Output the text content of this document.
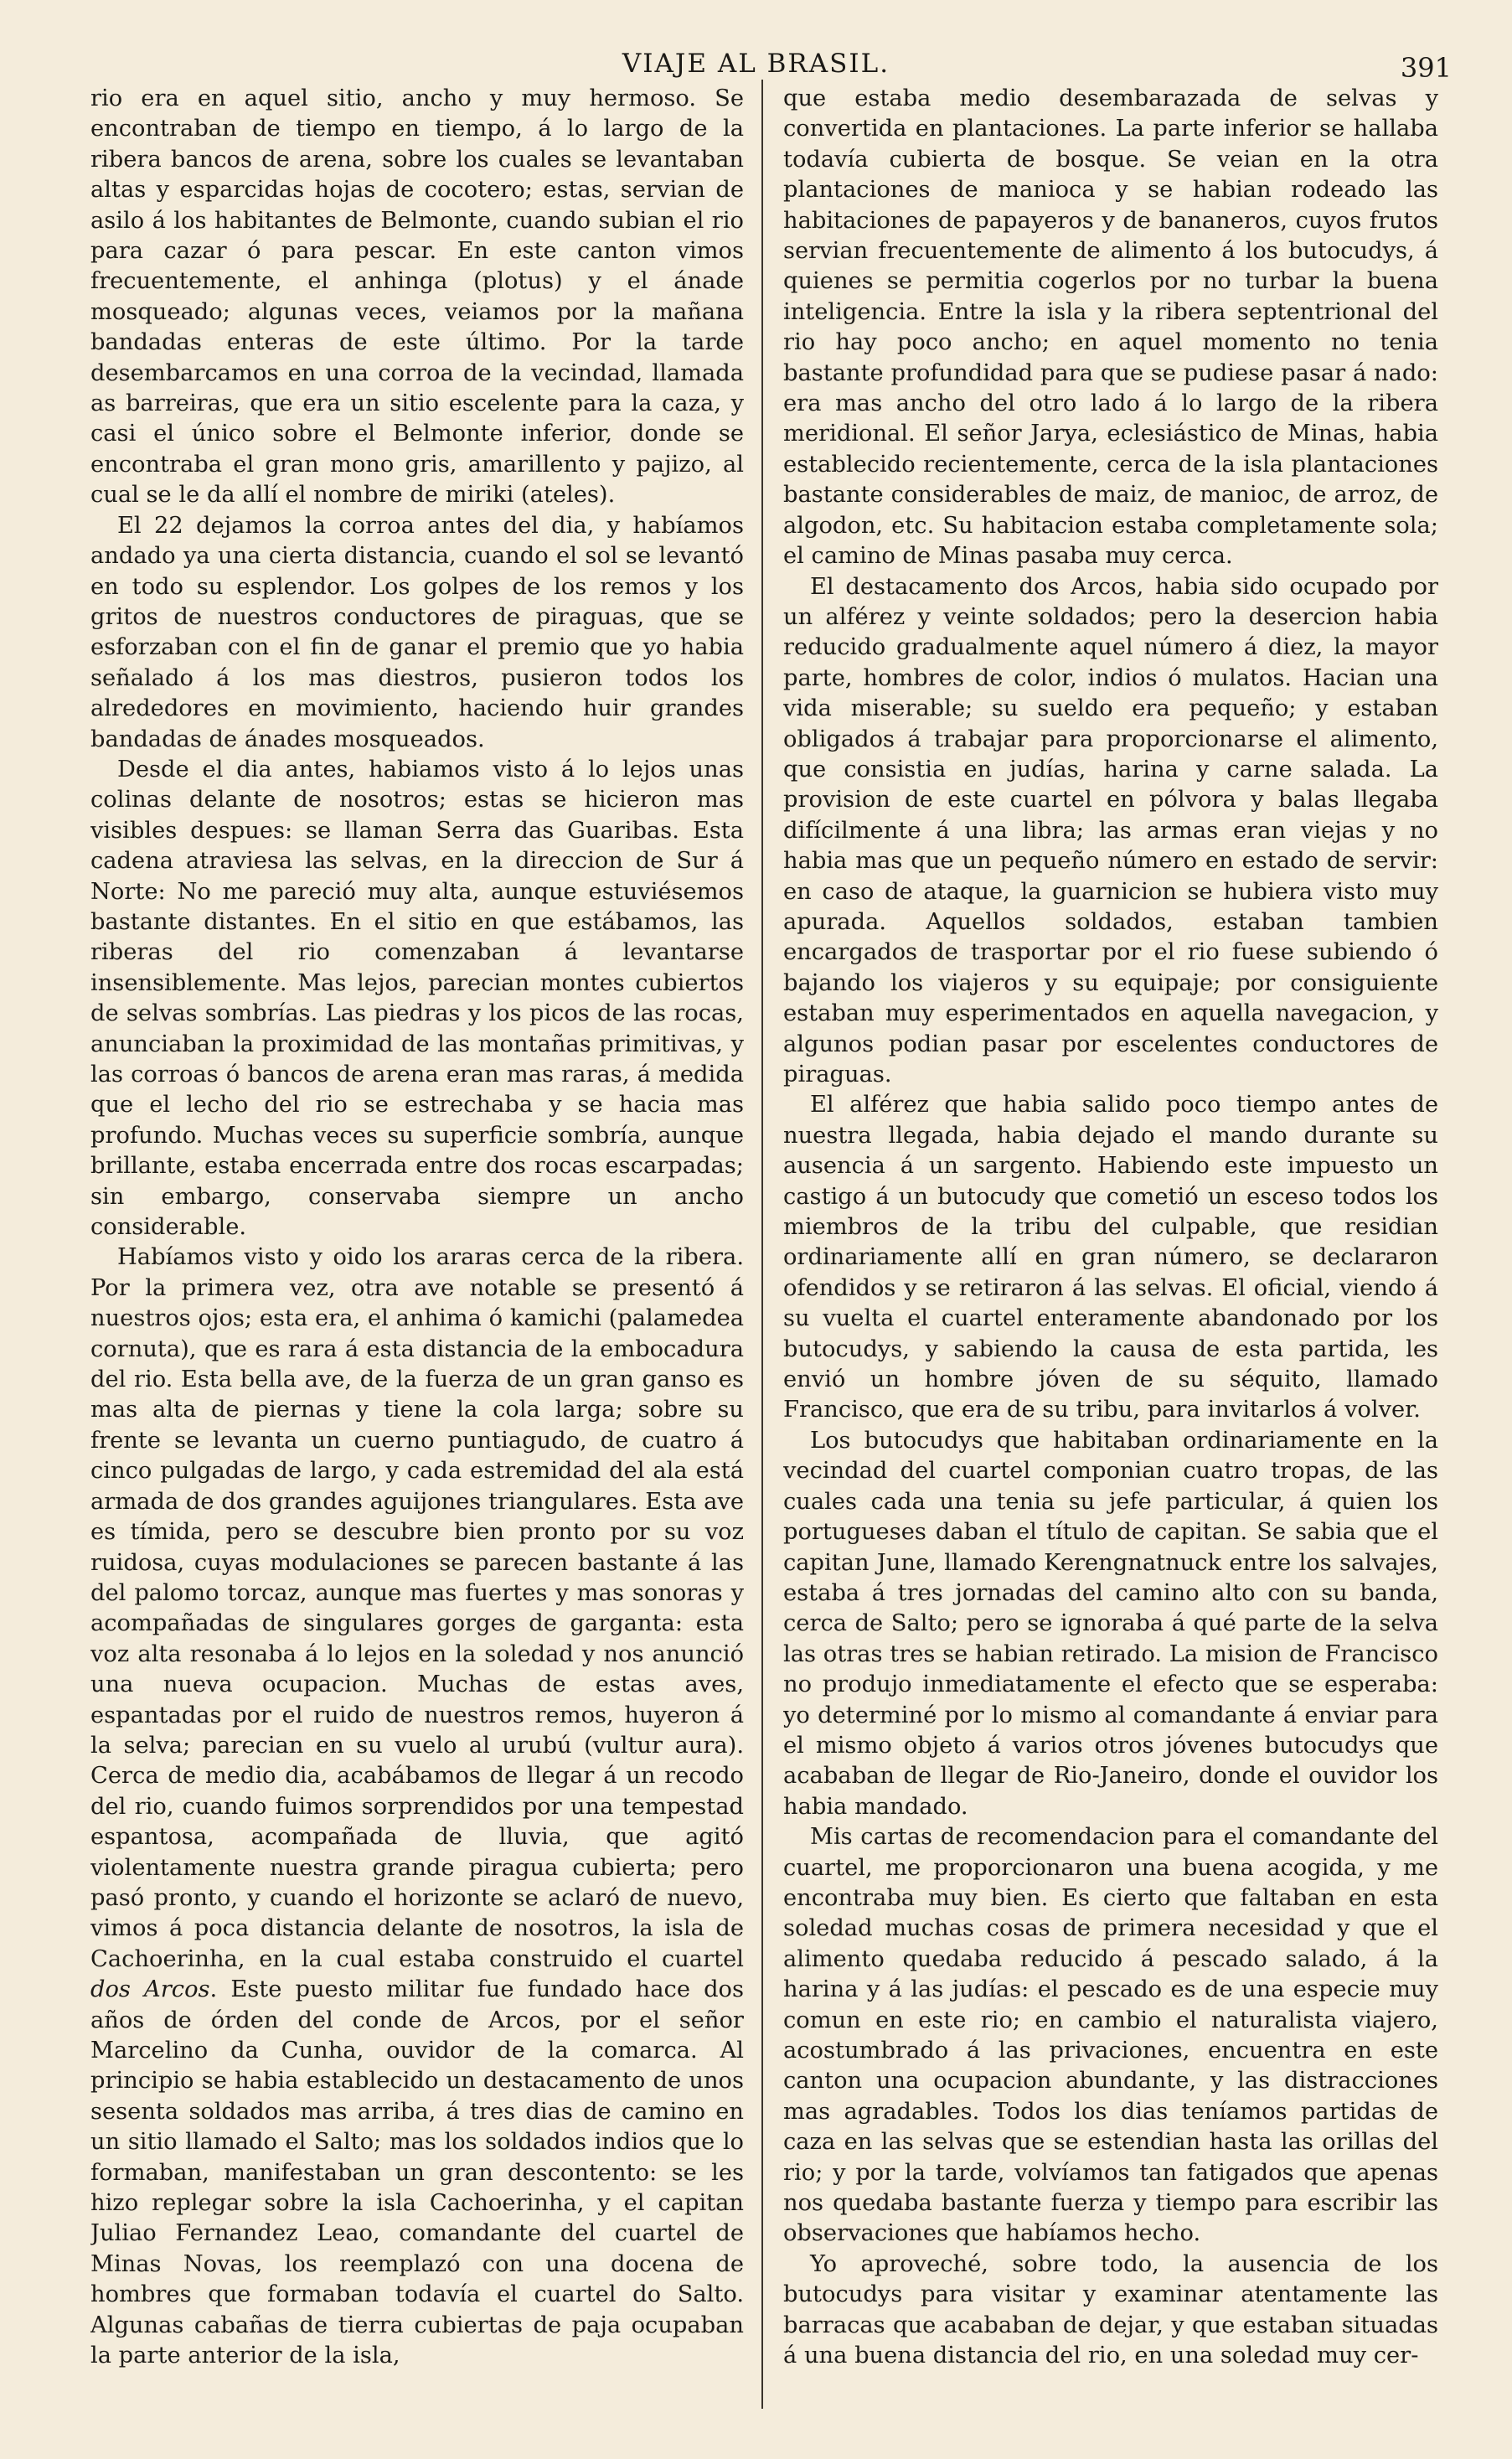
VIAJE AL BRASIL.	391

rio era en aquel sitio, ancho y muy hermoso. Se encontraban de tiempo en tiempo, á lo largo de la ribera bancos de arena, sobre los cuales se levantaban altas y esparcidas hojas de cocotero; estas, servian de asilo á los habitantes de Belmonte, cuando subian el rio para cazar ó para pescar. En este canton vimos frecuentemente, el anhinga (plotus) y el ánade mosqueado; algunas veces, veiamos por la mañana bandadas enteras de este último. Por la tarde desembarcamos en una corroa de la vecindad, llamada as barreiras, que era un sitio escelente para la caza, y casi el único sobre el Belmonte inferior, donde se encontraba el gran mono gris, amarillento y pajizo, al cual se le da allí el nombre de miriki (ateles).

El 22 dejamos la corroa antes del dia, y habíamos andado ya una cierta distancia, cuando el sol se levantó en todo su esplendor. Los golpes de los remos y los gritos de nuestros conductores de piraguas, que se esforzaban con el fin de ganar el premio que yo habia señalado á los mas diestros, pusieron todos los alrededores en movimiento, haciendo huir grandes bandadas de ánades mosqueados.

Desde el dia antes, habiamos visto á lo lejos unas colinas delante de nosotros; estas se hicieron mas visibles despues: se llaman Serra das Guaribas. Esta cadena atraviesa las selvas, en la direccion de Sur á Norte: No me pareció muy alta, aunque estuviésemos bastante distantes. En el sitio en que estábamos, las riberas del rio comenzaban á levantarse insensiblemente. Mas lejos, parecian montes cubiertos de selvas sombrías. Las piedras y los picos de las rocas, anunciaban la proximidad de las montañas primitivas, y las corroas ó bancos de arena eran mas raras, á medida que el lecho del rio se estrechaba y se hacia mas profundo. Muchas veces su superficie sombría, aunque brillante, estaba encerrada entre dos rocas escarpadas; sin embargo, conservaba siempre un ancho considerable.

Habíamos visto y oido los araras cerca de la ribera. Por la primera vez, otra ave notable se presentó á nuestros ojos; esta era, el anhima ó kamichi (palamedea cornuta), que es rara á esta distancia de la embocadura del rio. Esta bella ave, de la fuerza de un gran ganso es mas alta de piernas y tiene la cola larga; sobre su frente se levanta un cuerno puntiagudo, de cuatro á cinco pulgadas de largo, y cada estremidad del ala está armada de dos grandes aguijones triangulares. Esta ave es tímida, pero se descubre bien pronto por su voz ruidosa, cuyas modulaciones se parecen bastante á las del palomo torcaz, aunque mas fuertes y mas sonoras y acompañadas de singulares gorges de garganta: esta voz alta resonaba á lo lejos en la soledad y nos anunció una nueva ocupacion. Muchas de estas aves, espantadas por el ruido de nuestros remos, huyeron á la selva; parecian en su vuelo al urubú (vultur aura). Cerca de medio dia, acabábamos de llegar á un recodo del rio, cuando fuimos sorprendidos por una tempestad espantosa, acompañada de lluvia, que agitó violentamente nuestra grande piragua cubierta; pero pasó pronto, y cuando el horizonte se aclaró de nuevo, vimos á poca distancia delante de nosotros, la isla de Cachoerinha, en la cual estaba construido el cuartel dos Arcos. Este puesto militar fue fundado hace dos años de órden del conde de Arcos, por el señor Marcelino da Cunha, ouvidor de la comarca. Al principio se habia establecido un destacamento de unos sesenta soldados mas arriba, á tres dias de camino en un sitio llamado el Salto; mas los soldados indios que lo formaban, manifestaban un gran descontento: se les hizo replegar sobre la isla Cachoerinha, y el capitan Juliao Fernandez Leao, comandante del cuartel de Minas Novas, los reemplazó con una docena de hombres que formaban todavía el cuartel do Salto. Algunas cabañas de tierra cubiertas de paja ocupaban la parte anterior de la isla,

que estaba medio desembarazada de selvas y convertida en plantaciones. La parte inferior se hallaba todavía cubierta de bosque. Se veian en la otra plantaciones de manioca y se habian rodeado las habitaciones de papayeros y de bananeros, cuyos frutos servian frecuentemente de alimento á los butocudys, á quienes se permitia cogerlos por no turbar la buena inteligencia. Entre la isla y la ribera septentrional del rio hay poco ancho; en aquel momento no tenia bastante profundidad para que se pudiese pasar á nado: era mas ancho del otro lado á lo largo de la ribera meridional. El señor Jarya, eclesiástico de Minas, habia establecido recientemente, cerca de la isla plantaciones bastante considerables de maiz, de manioc, de arroz, de algodon, etc. Su habitacion estaba completamente sola; el camino de Minas pasaba muy cerca.

El destacamento dos Arcos, habia sido ocupado por un alférez y veinte soldados; pero la desercion habia reducido gradualmente aquel número á diez, la mayor parte, hombres de color, indios ó mulatos. Hacian una vida miserable; su sueldo era pequeño; y estaban obligados á trabajar para proporcionarse el alimento, que consistia en judías, harina y carne salada. La provision de este cuartel en pólvora y balas llegaba difícilmente á una libra; las armas eran viejas y no habia mas que un pequeño número en estado de servir: en caso de ataque, la guarnicion se hubiera visto muy apurada. Aquellos soldados, estaban tambien encargados de trasportar por el rio fuese subiendo ó bajando los viajeros y su equipaje; por consiguiente estaban muy esperimentados en aquella navegacion, y algunos podian pasar por escelentes conductores de piraguas.

El alférez que habia salido poco tiempo antes de nuestra llegada, habia dejado el mando durante su ausencia á un sargento. Habiendo este impuesto un castigo á un butocudy que cometió un esceso todos los miembros de la tribu del culpable, que residian ordinariamente allí en gran número, se declararon ofendidos y se retiraron á las selvas. El oficial, viendo á su vuelta el cuartel enteramente abandonado por los butocudys, y sabiendo la causa de esta partida, les envió un hombre jóven de su séquito, llamado Francisco, que era de su tribu, para invitarlos á volver.

Los butocudys que habitaban ordinariamente en la vecindad del cuartel componian cuatro tropas, de las cuales cada una tenia su jefe particular, á quien los portugueses daban el título de capitan. Se sabia que el capitan June, llamado Kerengnatnuck entre los salvajes, estaba á tres jornadas del camino alto con su banda, cerca de Salto; pero se ignoraba á qué parte de la selva las otras tres se habian retirado. La mision de Francisco no produjo inmediatamente el efecto que se esperaba: yo determiné por lo mismo al comandante á enviar para el mismo objeto á varios otros jóvenes butocudys que acababan de llegar de Rio-Janeiro, donde el ouvidor los habia mandado.

Mis cartas de recomendacion para el comandante del cuartel, me proporcionaron una buena acogida, y me encontraba muy bien. Es cierto que faltaban en esta soledad muchas cosas de primera necesidad y que el alimento quedaba reducido á pescado salado, á la harina y á las judías: el pescado es de una especie muy comun en este rio; en cambio el naturalista viajero, acostumbrado á las privaciones, encuentra en este canton una ocupacion abundante, y las distracciones mas agradables. Todos los dias teníamos partidas de caza en las selvas que se estendian hasta las orillas del rio; y por la tarde, volvíamos tan fatigados que apenas nos quedaba bastante fuerza y tiempo para escribir las observaciones que habíamos hecho.

Yo aproveché, sobre todo, la ausencia de los butocudys para visitar y examinar atentamente las barracas que acababan de dejar, y que estaban situadas á una buena distancia del rio, en una soledad muy cer-
